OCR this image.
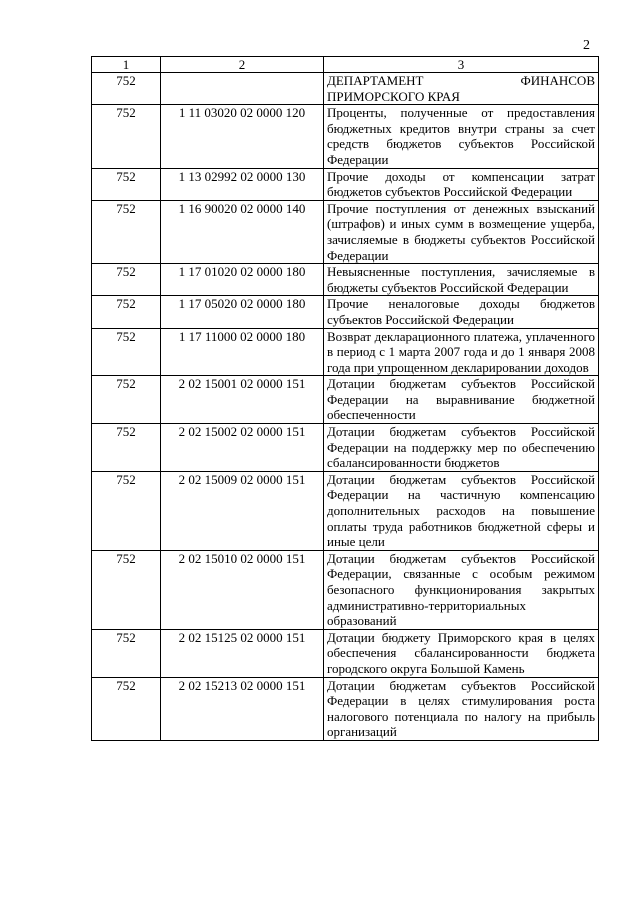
2
1	2	3
752		ДЕПАРТАМЕНТ ФИНАНСОВ ПРИМОРСКОГО КРАЯ
752	1 11 03020 02 0000 120	Проценты, полученные от предоставления бюджетных кредитов внутри страны за счет средств бюджетов субъектов Российской Федерации
752	1 13 02992 02 0000 130	Прочие доходы от компенсации затрат бюджетов субъектов Российской Федерации
752	1 16 90020 02 0000 140	Прочие поступления от денежных взысканий (штрафов) и иных сумм в возмещение ущерба, зачисляемые в бюджеты субъектов Российской Федерации
752	1 17 01020 02 0000 180	Невыясненные поступления, зачисляемые в бюджеты субъектов Российской Федерации
752	1 17 05020 02 0000 180	Прочие неналоговые доходы бюджетов субъектов Российской Федерации
752	1 17 11000 02 0000 180	Возврат декларационного платежа, уплаченного в период с 1 марта 2007 года и до 1 января 2008 года при упрощенном декларировании доходов
752	2 02 15001 02 0000 151	Дотации бюджетам субъектов Российской Федерации на выравнивание бюджетной обеспеченности
752	2 02 15002 02 0000 151	Дотации бюджетам субъектов Российской Федерации на поддержку мер по обеспечению сбалансированности бюджетов
752	2 02 15009 02 0000 151	Дотации бюджетам субъектов Российской Федерации на частичную компенсацию дополнительных расходов на повышение оплаты труда работников бюджетной сферы и иные цели
752	2 02 15010 02 0000 151	Дотации бюджетам субъектов Российской Федерации, связанные с особым режимом безопасного функционирования закрытых административно-территориальных образований
752	2 02 15125 02 0000 151	Дотации бюджету Приморского края в целях обеспечения сбалансированности бюджета городского округа Большой Камень
752	2 02 15213 02 0000 151	Дотации бюджетам субъектов Российской Федерации в целях стимулирования роста налогового потенциала по налогу на прибыль организаций
